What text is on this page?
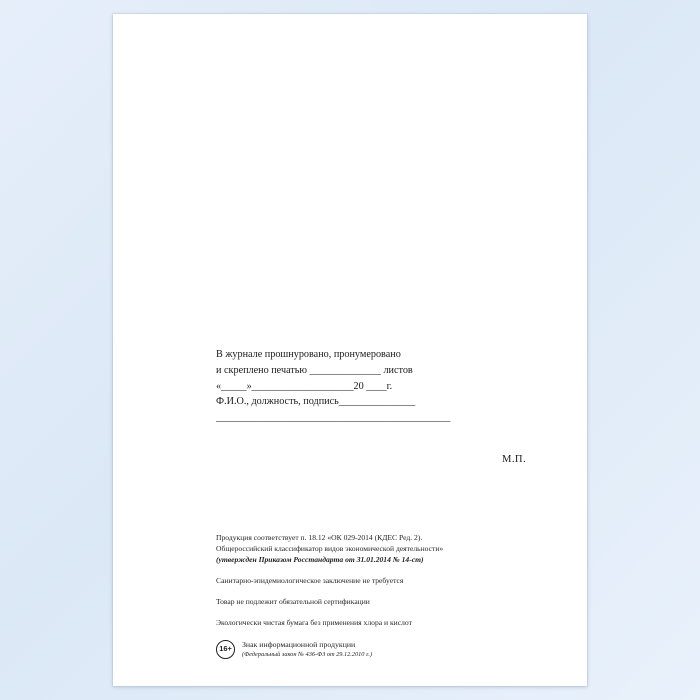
В журнале прошнуровано, пронумеровано
и скреплено печатью ______________ листов
«_____»____________________20 ____г.
Ф.И.О., должность, подпись_______________
______________________________________________
М.П.
Продукция соответствует п. 18.12 «ОК 029-2014 (КДЕС Ред. 2).
Общероссийский классификатор видов экономической деятельности»
(утвержден Приказом Росстандарта от 31.01.2014 № 14-ст)
Санитарно-эпидемиологическое заключение не требуется
Товар не подлежит обязательной сертификации
Экологически чистая бумага без применения хлора и кислот
16+
Знак информационной продукции
(Федеральный закон № 436-ФЗ от 29.12.2010 г.)
